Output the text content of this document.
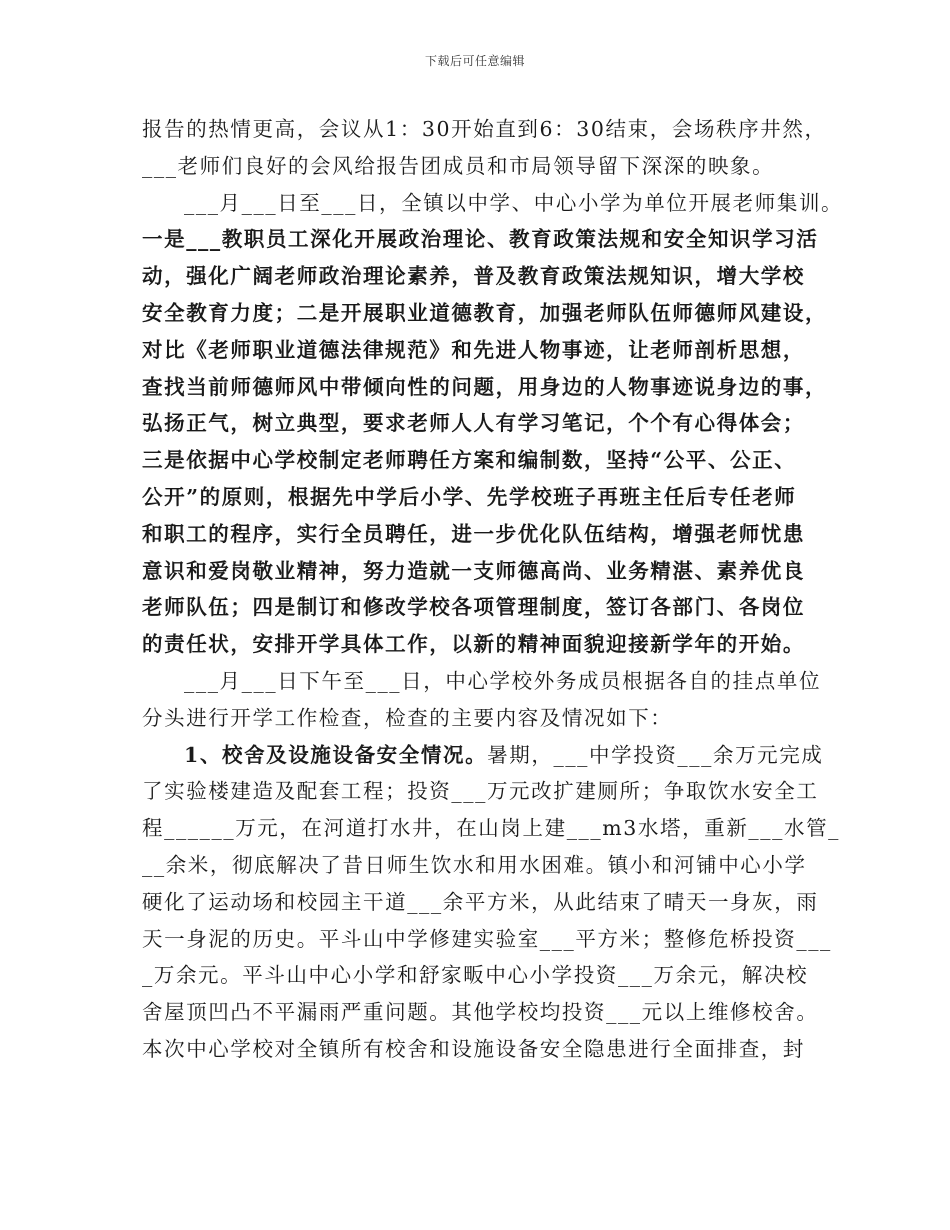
下载后可任意编辑
报告的热情更高，会议从1：30开始直到6：30结束，会场秩序井然，
___老师们良好的会风给报告团成员和市局领导留下深深的映象。
___月___日至___日，全镇以中学、中心小学为单位开展老师集训。
一是___教职员工深化开展政治理论、教育政策法规和安全知识学习活
动，强化广阔老师政治理论素养，普及教育政策法规知识，增大学校
安全教育力度；二是开展职业道德教育，加强老师队伍师德师风建设，
对比《老师职业道德法律规范》和先进人物事迹，让老师剖析思想，
查找当前师德师风中带倾向性的问题，用身边的人物事迹说身边的事，
弘扬正气，树立典型，要求老师人人有学习笔记，个个有心得体会；
三是依据中心学校制定老师聘任方案和编制数，坚持“公平、公正、
公开”的原则，根据先中学后小学、先学校班子再班主任后专任老师
和职工的程序，实行全员聘任，进一步优化队伍结构，增强老师忧患
意识和爱岗敬业精神，努力造就一支师德高尚、业务精湛、素养优良
老师队伍；四是制订和修改学校各项管理制度，签订各部门、各岗位
的责任状，安排开学具体工作，以新的精神面貌迎接新学年的开始。
___月___日下午至___日，中心学校外务成员根据各自的挂点单位
分头进行开学工作检查，检查的主要内容及情况如下：
1、校舍及设施设备安全情况。暑期，___中学投资___余万元完成
了实验楼建造及配套工程；投资___万元改扩建厕所；争取饮水安全工
程______万元，在河道打水井，在山岗上建___m3水塔，重新___水管_
__余米，彻底解决了昔日师生饮水和用水困难。镇小和河铺中心小学
硬化了运动场和校园主干道___余平方米，从此结束了晴天一身灰，雨
天一身泥的历史。平斗山中学修建实验室___平方米；整修危桥投资___
_万余元。平斗山中心小学和舒家畈中心小学投资___万余元，解决校
舍屋顶凹凸不平漏雨严重问题。其他学校均投资___元以上维修校舍。
本次中心学校对全镇所有校舍和设施设备安全隐患进行全面排查，封
